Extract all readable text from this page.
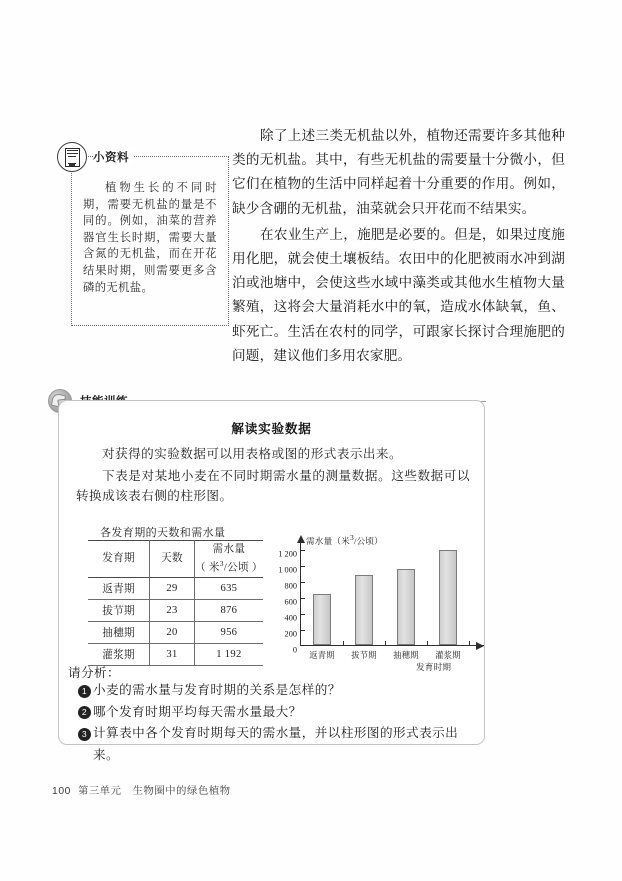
小资料
植物生长的不同时期，需要无机盐的量是不同的。例如，油菜的营养器官生长时期，需要大量含氮的无机盐，而在开花结果时期，则需要更多含磷的无机盐。

除了上述三类无机盐以外，植物还需要许多其他种类的无机盐。其中，有些无机盐的需要量十分微小，但它们在植物的生活中同样起着十分重要的作用。例如，缺少含硼的无机盐，油菜就会只开花而不结果实。

在农业生产上，施肥是必要的。但是，如果过度施用化肥，就会使土壤板结。农田中的化肥被雨水冲到湖泊或池塘中，会使这些水域中藻类或其他水生植物大量繁殖，这将会大量消耗水中的氧，造成水体缺氧，鱼、虾死亡。生活在农村的同学，可跟家长探讨合理施肥的问题，建议他们多用农家肥。

解读实验数据

对获得的实验数据可以用表格或图的形式表示出来。

下表是对某地小麦在不同时期需水量的测量数据。这些数据可以转换成该表右侧的柱形图。

各发育期的天数和需水量
发育期	天数	需水量
（ 米$^3$/公顷 ）
返青期	29	635
拔节期	23	876
抽穗期	20	956
灌浆期	31	1 192
需水量（米3/公顷）
0
200
400
600
800
1 000
1 200
返青期 拔节期 抽穗期 灌浆期
发育时期
请分析：
1 小麦的需水量与发育时期的关系是怎样的？
2 哪个发育时期平均每天需水量最大？
3 计算表中各个发育时期每天的需水量，并以柱形图的形式表示出来。
100 第三单元 生物圈中的绿色植物
